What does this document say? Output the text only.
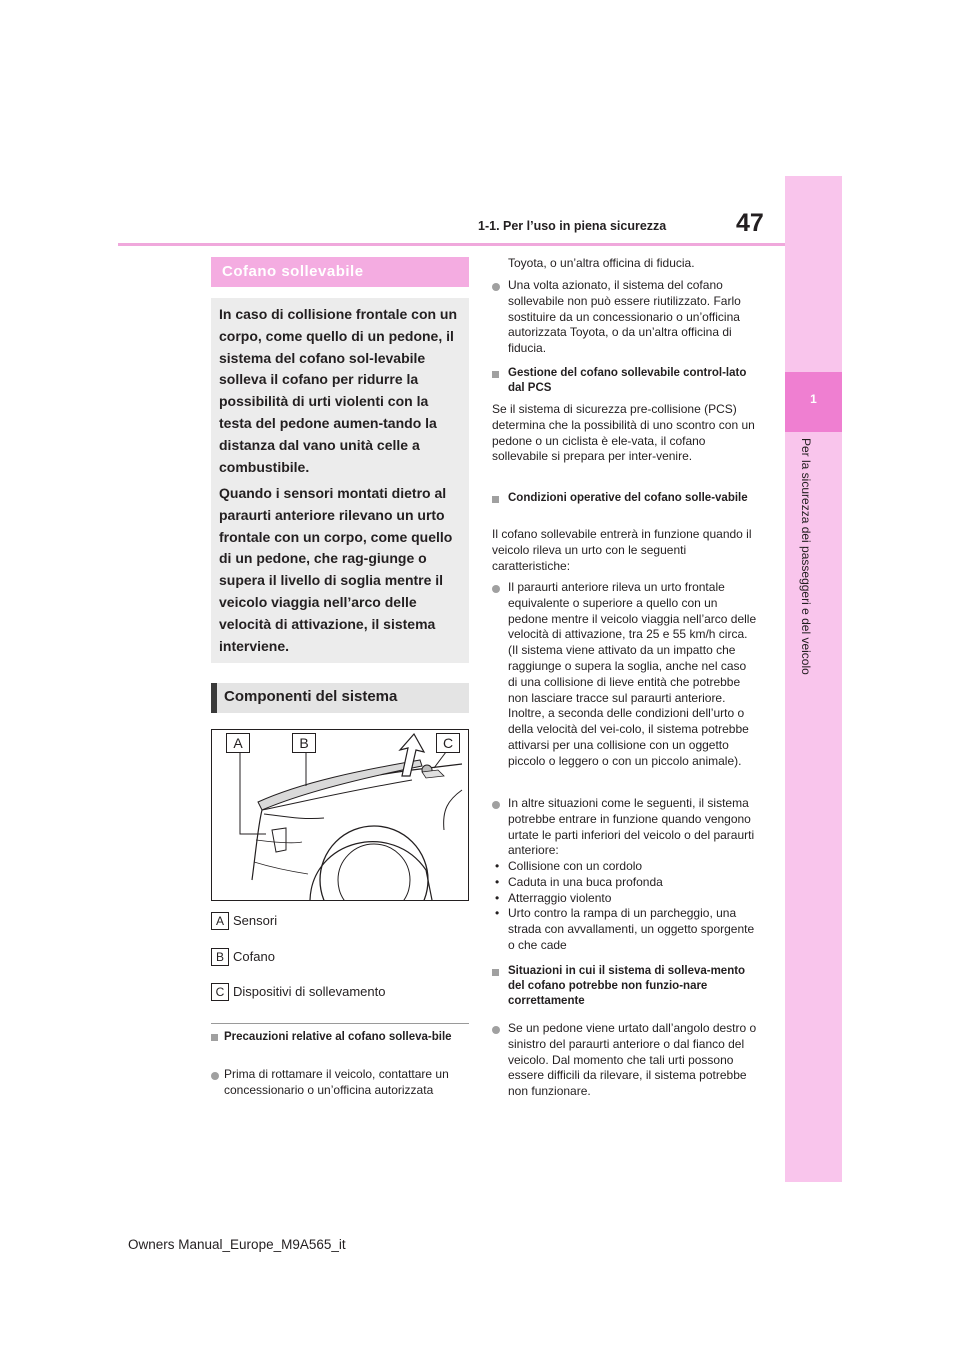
1-1. Per l’uso in piena sicurezza	47
1
Per la sicurezza dei passeggeri e del veicolo
Cofano sollevabile
In caso di collisione frontale con un corpo, come quello di un pedone, il sistema del cofano sol-levabile solleva il cofano per ridurre la possibilità di urti violenti con la testa del pedone aumen-tando la distanza dal vano unità celle a combustibile.
Quando i sensori montati dietro al paraurti anteriore rilevano un urto frontale con un corpo, come quello di un pedone, che rag-giunge o supera il livello di soglia mentre il veicolo viaggia nell’arco delle velocità di attivazione, il sistema interviene.
Componenti del sistema
A	B	C
A Sensori
B Cofano
C Dispositivi di sollevamento
Precauzioni relative al cofano solleva-bile
Prima di rottamare il veicolo, contattare un concessionario o un’officina autorizzata
Toyota, o un’altra officina di fiducia.
Una volta azionato, il sistema del cofano sollevabile non può essere riutilizzato. Farlo sostituire da un concessionario o un’officina autorizzata Toyota, o da un’altra officina di fiducia.
Gestione del cofano sollevabile control-lato dal PCS
Se il sistema di sicurezza pre-collisione (PCS) determina che la possibilità di uno scontro con un pedone o un ciclista è ele-vata, il cofano sollevabile si prepara per inter-venire.
Condizioni operative del cofano solle-vabile
Il cofano sollevabile entrerà in funzione quando il veicolo rileva un urto con le seguenti caratteristiche:
Il paraurti anteriore rileva un urto frontale equivalente o superiore a quello con un pedone mentre il veicolo viaggia nell’arco delle velocità di attivazione, tra 25 e 55 km/h circa. (Il sistema viene attivato da un impatto che raggiunge o supera la soglia, anche nel caso di una collisione di lieve entità che potrebbe non lasciare tracce sul paraurti anteriore. Inoltre, a seconda delle condizioni dell’urto o della velocità del vei-colo, il sistema potrebbe attivarsi per una collisione con un oggetto piccolo o leggero o con un piccolo animale).
In altre situazioni come le seguenti, il sistema potrebbe entrare in funzione quando vengono urtate le parti inferiori del veicolo o del paraurti anteriore:
• Collisione con un cordolo
• Caduta in una buca profonda
• Atterraggio violento
• Urto contro la rampa di un parcheggio, una strada con avvallamenti, un oggetto sporgente o che cade
Situazioni in cui il sistema di solleva-mento del cofano potrebbe non funzio-nare correttamente
Se un pedone viene urtato dall’angolo destro o sinistro del paraurti anteriore o dal fianco del veicolo. Dal momento che tali urti possono essere difficili da rilevare, il sistema potrebbe non funzionare.
Owners Manual_Europe_M9A565_it
